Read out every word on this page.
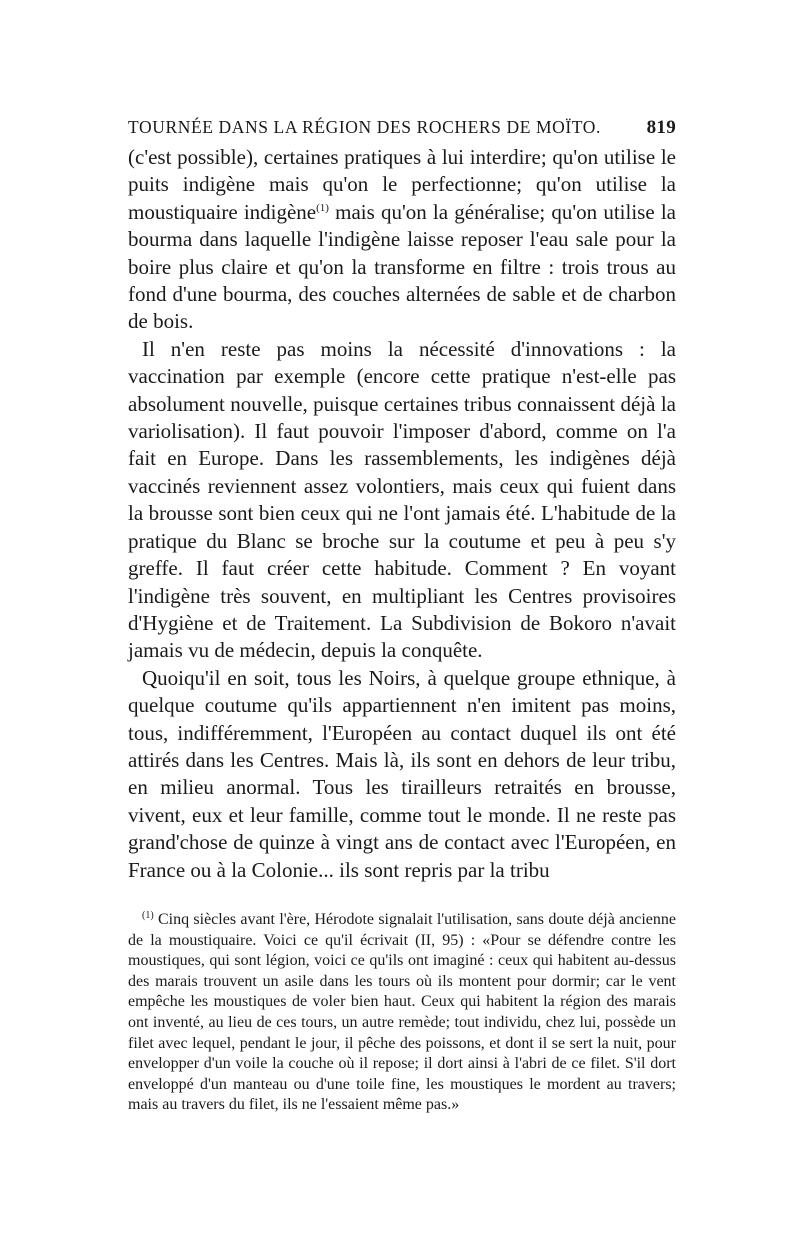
TOURNÉE DANS LA RÉGION DES ROCHERS DE MOÏTO. 819

(c'est possible), certaines pratiques à lui interdire; qu'on utilise le puits indigène mais qu'on le perfectionne; qu'on utilise la moustiquaire indigène$^{(1)}$ mais qu'on la généralise; qu'on utilise la bourma dans laquelle l'indigène laisse reposer l'eau sale pour la boire plus claire et qu'on la transforme en filtre : trois trous au fond d'une bourma, des couches alternées de sable et de charbon de bois.

Il n'en reste pas moins la nécessité d'innovations : la vaccination par exemple (encore cette pratique n'est-elle pas absolument nouvelle, puisque certaines tribus connaissent déjà la variolisation). Il faut pouvoir l'imposer d'abord, comme on l'a fait en Europe. Dans les rassemblements, les indigènes déjà vaccinés reviennent assez volontiers, mais ceux qui fuient dans la brousse sont bien ceux qui ne l'ont jamais été. L'habitude de la pratique du Blanc se broche sur la coutume et peu à peu s'y greffe. Il faut créer cette habitude. Comment ? En voyant l'indigène très souvent, en multipliant les Centres provisoires d'Hygiène et de Traitement. La Subdivision de Bokoro n'avait jamais vu de médecin, depuis la conquête.

Quoiqu'il en soit, tous les Noirs, à quelque groupe ethnique, à quelque coutume qu'ils appartiennent n'en imitent pas moins, tous, indifféremment, l'Européen au contact duquel ils ont été attirés dans les Centres. Mais là, ils sont en dehors de leur tribu, en milieu anormal. Tous les tirailleurs retraités en brousse, vivent, eux et leur famille, comme tout le monde. Il ne reste pas grand'chose de quinze à vingt ans de contact avec l'Européen, en France ou à la Colonie... ils sont repris par la tribu

$^{(1)}$ Cinq siècles avant l'ère, Hérodote signalait l'utilisation, sans doute déjà ancienne de la moustiquaire. Voici ce qu'il écrivait (II, 95) : «Pour se défendre contre les moustiques, qui sont légion, voici ce qu'ils ont imaginé : ceux qui habitent au-dessus des marais trouvent un asile dans les tours où ils montent pour dormir; car le vent empêche les moustiques de voler bien haut. Ceux qui habitent la région des marais ont inventé, au lieu de ces tours, un autre remède; tout individu, chez lui, possède un filet avec lequel, pendant le jour, il pêche des poissons, et dont il se sert la nuit, pour envelopper d'un voile la couche où il repose; il dort ainsi à l'abri de ce filet. S'il dort enveloppé d'un manteau ou d'une toile fine, les moustiques le mordent au travers; mais au travers du filet, ils ne l'essaient même pas.»
